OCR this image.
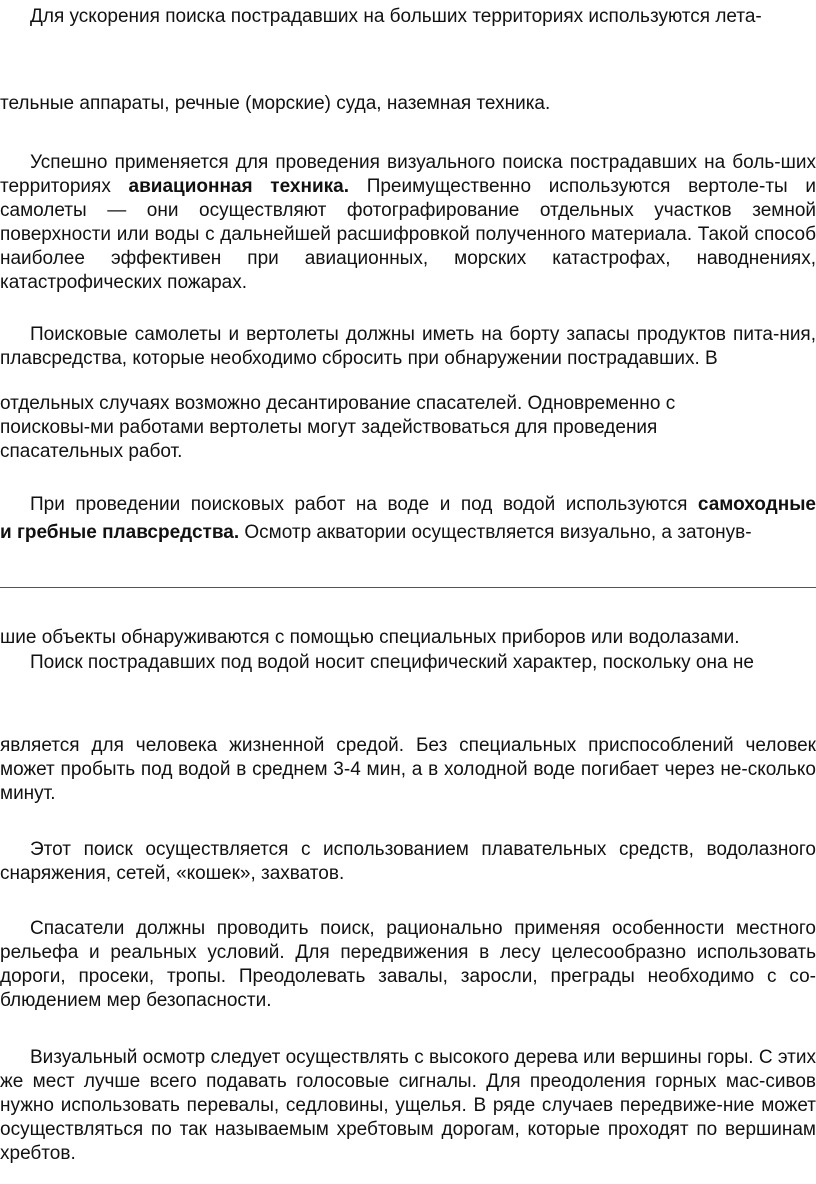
Для ускорения поиска пострадавших на больших территориях используются лета-

тельные аппараты, речные (морские) суда, наземная техника.

Успешно применяется для проведения визуального поиска пострадавших на боль-ших территориях авиационная техника. Преимущественно используются вертоле-ты и самолеты — они осуществляют фотографирование отдельных участков земной поверхности или воды с дальнейшей расшифровкой полученного материала. Такой способ наиболее эффективен при авиационных, морских катастрофах, наводнениях, катастрофических пожарах.

Поисковые самолеты и вертолеты должны иметь на борту запасы продуктов пита-ния, плавсредства, которые необходимо сбросить при обнаружении пострадавших. В

отдельных случаях возможно десантирование спасателей. Одновременно с
поисковы-ми работами вертолеты могут задействоваться для проведения
спасательных работ.
При проведении поисковых работ на воде и под водой используются самоходные
и гребные плавсредства. Осмотр акватории осуществляется визуально, а затонув-

шие объекты обнаруживаются с помощью специальных приборов или водолазами.

Поиск пострадавших под водой носит специфический характер, поскольку она не

является для человека жизненной средой. Без специальных приспособлений человек может пробыть под водой в среднем 3-4 мин, а в холодной воде погибает через не-сколько минут.

Этот поиск осуществляется с использованием плавательных средств, водолазного снаряжения, сетей, «кошек», захватов.

Спасатели должны проводить поиск, рационально применяя особенности местного рельефа и реальных условий. Для передвижения в лесу целесообразно использовать дороги, просеки, тропы. Преодолевать завалы, заросли, преграды необходимо с со-блюдением мер безопасности.

Визуальный осмотр следует осуществлять с высокого дерева или вершины горы. С этих же мест лучше всего подавать голосовые сигналы. Для преодоления горных мас-сивов нужно использовать перевалы, седловины, ущелья. В ряде случаев передвиже-ние может осуществляться по так называемым хребтовым дорогам, которые проходят по вершинам хребтов.
